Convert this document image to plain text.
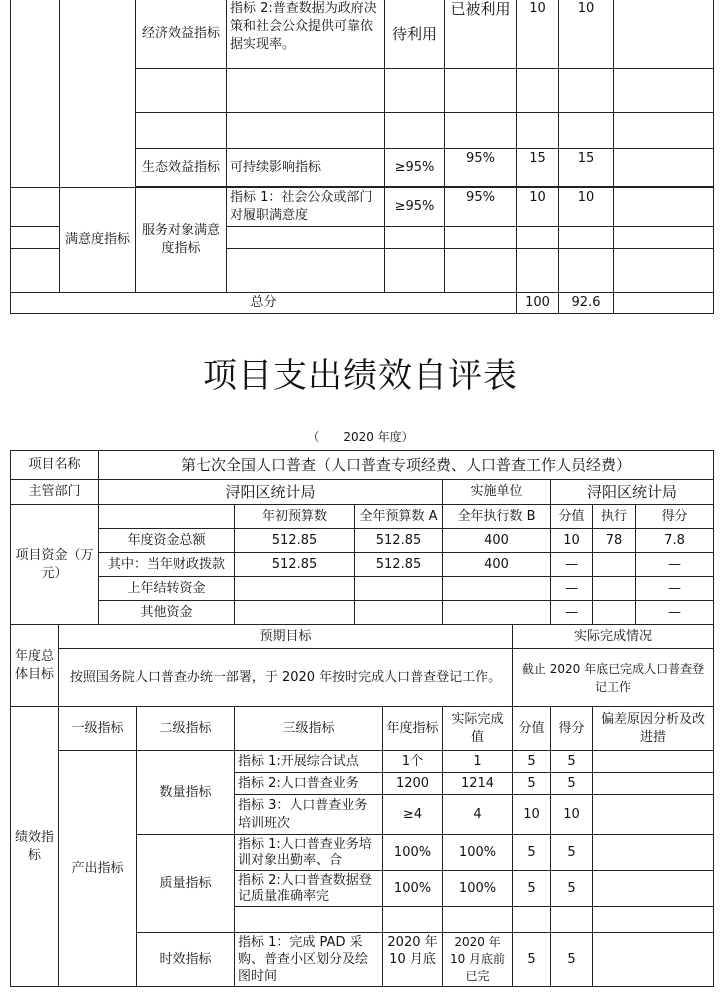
		经济效益指标	指标 2:普查数据为政府决策和社会公众提供可靠依据实现率。	待利用	已被利用	10	10	

		生态效益指标	可持续影响指标	≥95%	95%	15	15	

	满意度指标	服务对象满意度指标	指标 1：社会公众或部门对履职满意度	≥95%	95%	10	10	

总分						100	92.6	
项目支出绩效自评表
（　　2020 年度）
项目名称		第七次全国人口普查（人口普查专项经费、人口普查工作人员经费）									
主管部门		浔阳区统计局					实施单位		浔阳区统计局		
项目资金（万元）				年初预算数	全年预算数 A		全年执行数 B		分值	执行	得分
		年度资金总额		512.85	512.85		400		10	78	7.8
		其中：当年财政拨款		512.85	512.85		400		—		—
		上年结转资金							—		—
		其他资金							—		—
年度总体目标	预期目标							实际完成情况			
	按照国务院人口普查办统一部署，于 2020 年按时完成人口普查登记工作。							截止 2020 年底已完成人口普查登记工作			
绩效指标	一级指标		二级指标	三级指标		年度指标	实际完成值	分值	得分	偏差原因分析及改进措	
	产出指标		数量指标	指标 1:开展综合试点		1个	1	5	5		
				指标 2:人口普查业务		1200	1214	5	5		
				指标 3：人口普查业务培训班次		≥4	4	10	10		
			质量指标	指标 1:人口普查业务培训对象出勤率、合		100%	100%	5	5		
				指标 2:人口普查数据登记质量准确率完		100%	100%	5	5		

			时效指标	指标 1：完成 PAD 采购、普查小区划分及绘图时间		2020 年 10 月底	2020 年 10 月底前已完	5	5		
